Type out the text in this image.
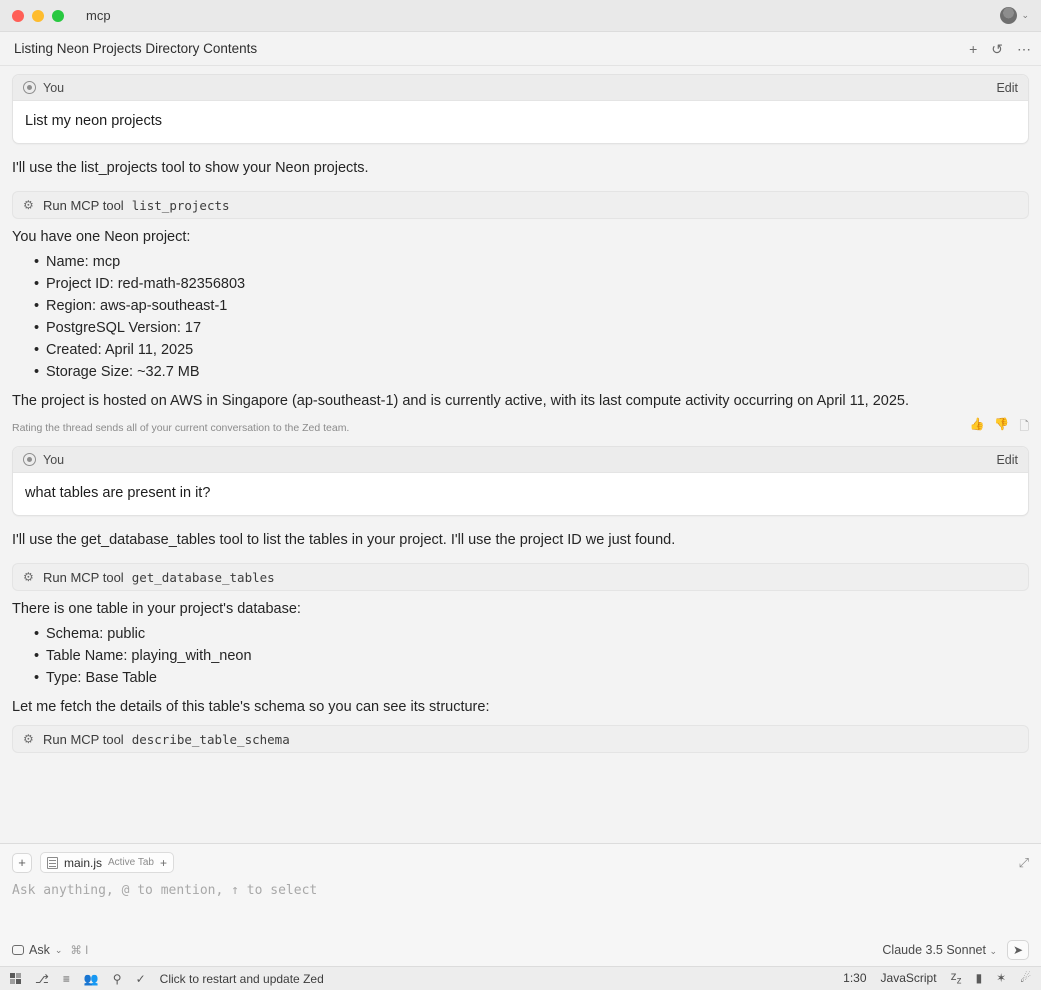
mcp	⌄
Listing Neon Projects Directory Contents	+ ↺ ⋯
You	Edit
List my neon projects
I'll use the list_projects tool to show your Neon projects.
⚙ Run MCP tool list_projects
You have one Neon project:
• Name: mcp
• Project ID: red-math-82356803
• Region: aws-ap-southeast-1
• PostgreSQL Version: 17
• Created: April 11, 2025
• Storage Size: ~32.7 MB
The project is hosted on AWS in Singapore (ap-southeast-1) and is currently active, with its last compute activity occurring on April 11, 2025.
Rating the thread sends all of your current conversation to the Zed team.	👍 👎 🗋
You	Edit
what tables are present in it?
I'll use the get_database_tables tool to list the tables in your project. I'll use the project ID we just found.
⚙ Run MCP tool get_database_tables
There is one table in your project's database:
• Schema: public
• Table Name: playing_with_neon
• Type: Base Table
Let me fetch the details of this table's schema so you can see its structure:
⚙ Run MCP tool describe_table_schema
+	main.js Active Tab +	⤢
Ask anything, @ to mention, ↑ to select
Ask ⌄ ⌘ I	Claude 3.5 Sonnet ⌄	➤
⎇ ≡ 👥 ⚲ ✓ Click to restart and update Zed	1:30 JavaScript $z_z$ ▮ ✶ ☄
